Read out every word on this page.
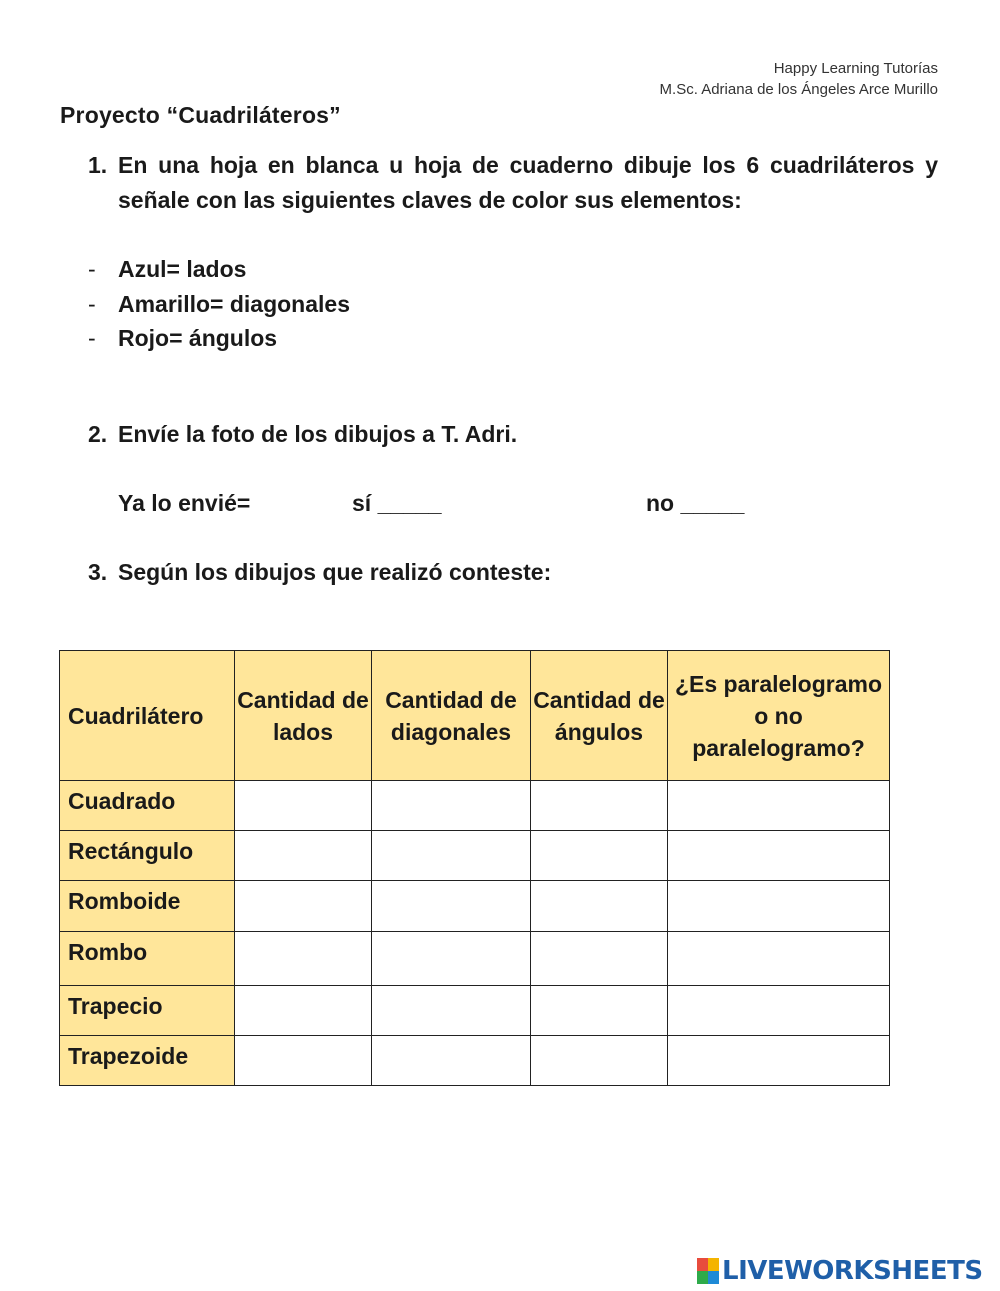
Happy Learning Tutorías
M.Sc. Adriana de los Ángeles Arce Murillo
Proyecto “Cuadriláteros”
1. En una hoja en blanca u hoja de cuaderno dibuje los 6 cuadriláteros y señale con las siguientes claves de color sus elementos:
- Azul= lados
- Amarillo= diagonales
- Rojo= ángulos
2. Envíe la foto de los dibujos a T. Adri.
Ya lo envié=	sí _____	no _____
3. Según los dibujos que realizó conteste:
Cuadrilátero	Cantidad de lados	Cantidad de diagonales	Cantidad de ángulos	¿Es paralelogramo o no paralelogramo?
Cuadrado				
Rectángulo				
Romboide				
Rombo				
Trapecio				
Trapezoide				
LIVEWORKSHEETS
